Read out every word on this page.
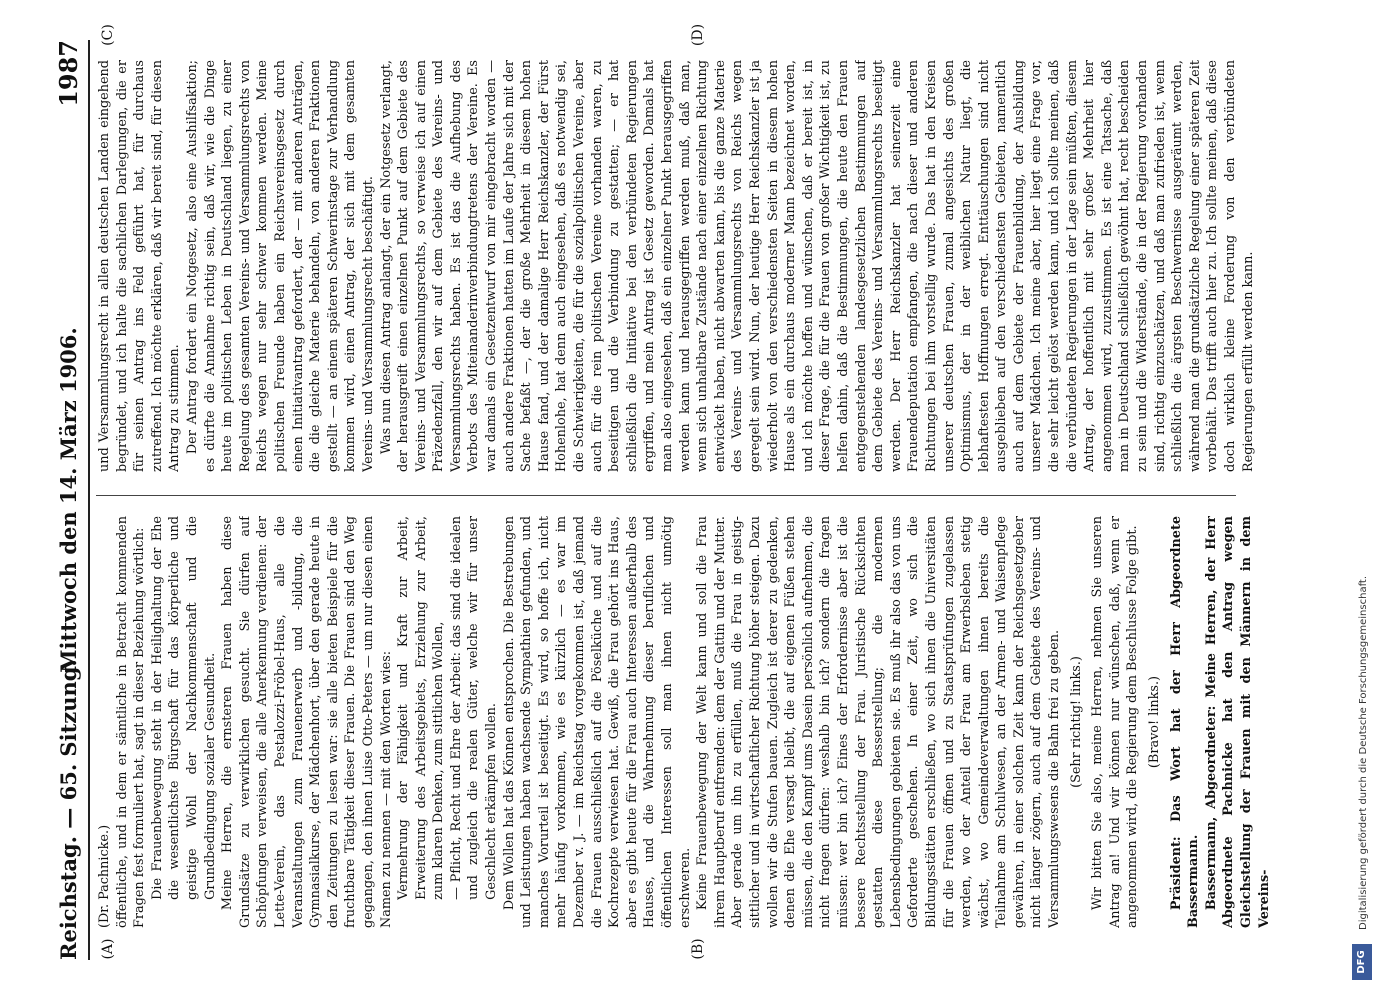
Reichstag. — 65. Sitzung.
Mittwoch den 14. März 1906.
1987
(A)	(B)
(C)	(D)

(Dr. Pachnicke.) öffentliche, und in dem er sämtliche in Betracht kommenden Fragen fest formuliert hat, sagt in dieser Beziehung wörtlich: Die Frauenbewegung steht in der Heilighaltung der Ehe die wesentlichste Bürgschaft für das körperliche und geistige Wohl der Nachkommenschaft und die Grundbedingung sozialer Gesundheit. Meine Herren, die ernsteren Frauen haben diese Grundsätze zu verwirklichen gesucht. Sie dürfen auf Schöpfungen verweisen, die alle Anerkennung verdienen: der Lette-Verein, das Pestalozzi-Fröbel-Haus, alle die Veranstaltungen zum Frauenerwerb und -bildung, die Gymnasialkurse, der Mädchenhort, über den gerade heute in den Zeitungen zu lesen war: sie alle bieten Beispiele für die fruchtbare Tätigkeit dieser Frauen. Die Frauen sind den Weg gegangen, den ihnen Luise Otto-Peters — um nur diesen einen Namen zu nennen — mit den Worten wies: Vermehrung der Fähigkeit und Kraft zur Arbeit, Erweiterung des Arbeitsgebiets, Erziehung zur Arbeit, zum klaren Denken, zum sittlichen Wollen, — Pflicht, Recht und Ehre der Arbeit: das sind die idealen und zugleich die realen Güter, welche wir für unser Geschlecht erkämpfen wollen. Dem Wollen hat das Können entsprochen. Die Bestrebungen und Leistungen haben wachsende Sympathien gefunden, und manches Vorurteil ist beseitigt. Es wird, so hoffe ich, nicht mehr häufig vorkommen, wie es kürzlich — es war im Dezember v. J. — im Reichstag vorgekommen ist, daß jemand die Frauen ausschließlich auf die Pöselküche und auf die Kochrezepte verwiesen hat. Gewiß, die Frau gehört ins Haus, aber es gibt heute für die Frau auch Interessen außerhalb des Hauses, und die Wahrnehmung dieser beruflichen und öffentlichen Interessen soll man ihnen nicht unnötig erschweren. Keine Frauenbewegung der Welt kann und soll die Frau ihrem Hauptberuf entfremden: dem der Gattin und der Mutter. Aber gerade um ihn zu erfüllen, muß die Frau in geistig-sittlicher und in wirtschaftlicher Richtung höher steigen. Dazu wollen wir die Stufen bauen. Zugleich ist derer zu gedenken, denen die Ehe versagt bleibt, die auf eigenen Füßen stehen müssen, die den Kampf ums Dasein persönlich aufnehmen, die nicht fragen dürfen: weshalb bin ich? sondern die fragen müssen: wer bin ich? Eines der Erfordernisse aber ist die bessere Rechtsstellung der Frau. Juristische Rücksichten gestatten diese Besserstellung; die modernen Lebensbedingungen gebieten sie. Es muß ihr also das von uns Geforderte geschehen. In einer Zeit, wo sich die Bildungsstätten erschließen, wo sich ihnen die Universitäten für die Frauen öffnen und zu Staatsprüfungen zugelassen werden, wo der Anteil der Frau am Erwerbsleben stetig wächst, wo Gemeindeverwaltungen ihnen bereits die Teilnahme am Schulwesen, an der Armen- und Waisenpflege gewähren, in einer solchen Zeit kann der Reichsgesetzgeber nicht länger zögern, auch auf dem Gebiete des Vereins- und Versammlungswesens die Bahn frei zu geben. (Sehr richtig! links.) Wir bitten Sie also, meine Herren, nehmen Sie unseren Antrag an! Und wir können nur wünschen, daß, wenn er angenommen wird, die Regierung dem Beschlusse Folge gibt. (Bravo! links.) Präsident: Das Wort hat der Herr Abgeordnete Bassermann. Bassermann, Abgeordneter: Meine Herren, der Herr Abgeordnete Pachnicke hat den Antrag wegen Gleichstellung der Frauen mit den Männern in dem Vereins-

und Versammlungsrecht in allen deutschen Landen eingehend begründet, und ich halte die sachlichen Darlegungen, die er für seinen Antrag ins Feld geführt hat, für durchaus zutreffend. Ich möchte erklären, daß wir bereit sind, für diesen Antrag zu stimmen. Der Antrag fordert ein Notgesetz, also eine Aushilfsaktion; es dürfte die Annahme richtig sein, daß wir, wie die Dinge heute im politischen Leben in Deutschland liegen, zu einer Regelung des gesamten Vereins- und Versammlungsrechts von Reichs wegen nur sehr schwer kommen werden. Meine politischen Freunde haben ein Reichsvereinsgesetz durch einen Initiativantrag gefordert, der — mit anderen Anträgen, die die gleiche Materie behandeln, von anderen Fraktionen gestellt — an einem späteren Schwerinstage zur Verhandlung kommen wird, einen Antrag, der sich mit dem gesamten Vereins- und Versammlungsrecht beschäftigt. Was nun diesen Antrag anlangt, der ein Notgesetz verlangt, der herausgreift einen einzelnen Punkt auf dem Gebiete des Vereins- und Versammlungsrechts, so verweise ich auf einen Präzedenzfall, den wir auf dem Gebiete des Vereins- und Versammlungsrechts haben. Es ist das die Aufhebung des Verbots des Miteinanderinverbindungtretens der Vereine. Es war damals ein Gesetzentwurf von mir eingebracht worden — auch andere Fraktionen hatten im Laufe der Jahre sich mit der Sache befaßt —, der die große Mehrheit in diesem hohen Hause fand, und der damalige Herr Reichskanzler, der Fürst Hohenlohe, hat denn auch eingesehen, daß es notwendig sei, die Schwierigkeiten, die für die sozialpolitischen Vereine, aber auch für die rein politischen Vereine vorhanden waren, zu beseitigen und die Verbindung zu gestatten; — er hat schließlich die Initiative bei den verbündeten Regierungen ergriffen, und mein Antrag ist Gesetz geworden. Damals hat man also eingesehen, daß ein einzelner Punkt herausgegriffen werden kann und herausgegriffen werden muß, daß man, wenn sich unhaltbare Zustände nach einer einzelnen Richtung entwickelt haben, nicht abwarten kann, bis die ganze Materie des Vereins- und Versammlungsrechts von Reichs wegen geregelt sein wird. Nun, der heutige Herr Reichskanzler ist ja wiederholt von den verschiedensten Seiten in diesem hohen Hause als ein durchaus moderner Mann bezeichnet worden, und ich möchte hoffen und wünschen, daß er bereit ist, in dieser Frage, die für die Frauen von großer Wichtigkeit ist, zu helfen dahin, daß die Bestimmungen, die heute den Frauen entgegenstehenden landesgesetzlichen Bestimmungen auf dem Gebiete des Vereins- und Versammlungsrechts beseitigt werden. Der Herr Reichskanzler hat seinerzeit eine Frauendeputation empfangen, die nach dieser und anderen Richtungen bei ihm vorstellig wurde. Das hat in den Kreisen unserer deutschen Frauen, zumal angesichts des großen Optimismus, der in der weiblichen Natur liegt, die lebhaftesten Hoffnungen erregt. Enttäuschungen sind nicht ausgeblieben auf den verschiedensten Gebieten, namentlich auch auf dem Gebiete der Frauenbildung, der Ausbildung unserer Mädchen. Ich meine aber, hier liegt eine Frage vor, die sehr leicht gelöst werden kann, und ich sollte meinen, daß die verbündeten Regierungen in der Lage sein müßten, diesem Antrag, der hoffentlich mit sehr großer Mehrheit hier angenommen wird, zuzustimmen. Es ist eine Tatsache, daß man in Deutschland schließlich gewöhnt hat, recht bescheiden zu sein und die Widerstände, die in der Regierung vorhanden sind, richtig einzuschätzen, und daß man zufrieden ist, wenn schließlich die ärgsten Beschwernisse ausgeräumt werden, während man die grundsätzliche Regelung einer späteren Zeit vorbehält. Das trifft auch hier zu. Ich sollte meinen, daß diese doch wirklich kleine Forderung von den verbündeten Regierungen erfüllt werden kann.

DFG
Digitalisierung gefördert durch die Deutsche Forschungsgemeinschaft.
